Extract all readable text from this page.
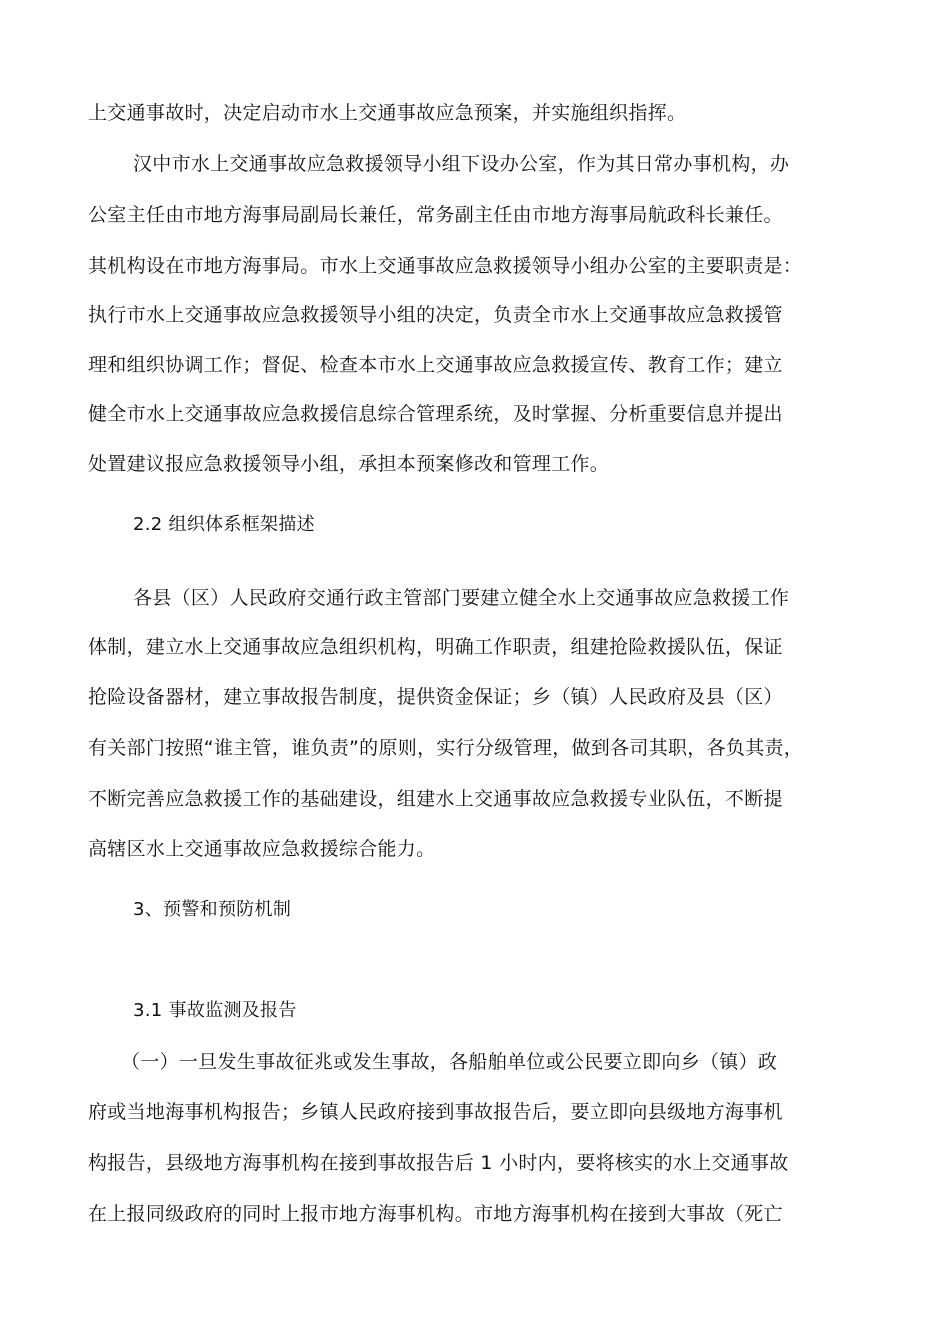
上交通事故时，决定启动市水上交通事故应急预案，并实施组织指挥。
汉中市水上交通事故应急救援领导小组下设办公室，作为其日常办事机构，办
公室主任由市地方海事局副局长兼任，常务副主任由市地方海事局航政科长兼任。
其机构设在市地方海事局。市水上交通事故应急救援领导小组办公室的主要职责是：
执行市水上交通事故应急救援领导小组的决定，负责全市水上交通事故应急救援管
理和组织协调工作；督促、检查本市水上交通事故应急救援宣传、教育工作；建立
健全市水上交通事故应急救援信息综合管理系统，及时掌握、分析重要信息并提出
处置建议报应急救援领导小组，承担本预案修改和管理工作。
2.2 组织体系框架描述
各县（区）人民政府交通行政主管部门要建立健全水上交通事故应急救援工作
体制，建立水上交通事故应急组织机构，明确工作职责，组建抢险救援队伍，保证
抢险设备器材，建立事故报告制度，提供资金保证；乡（镇）人民政府及县（区）
有关部门按照“谁主管，谁负责”的原则，实行分级管理，做到各司其职，各负其责，
不断完善应急救援工作的基础建设，组建水上交通事故应急救援专业队伍，不断提
高辖区水上交通事故应急救援综合能力。
3、预警和预防机制
3.1 事故监测及报告
（一）一旦发生事故征兆或发生事故，各船舶单位或公民要立即向乡（镇）政
府或当地海事机构报告；乡镇人民政府接到事故报告后，要立即向县级地方海事机
构报告，县级地方海事机构在接到事故报告后 1 小时内，要将核实的水上交通事故
在上报同级政府的同时上报市地方海事机构。市地方海事机构在接到大事故（死亡
